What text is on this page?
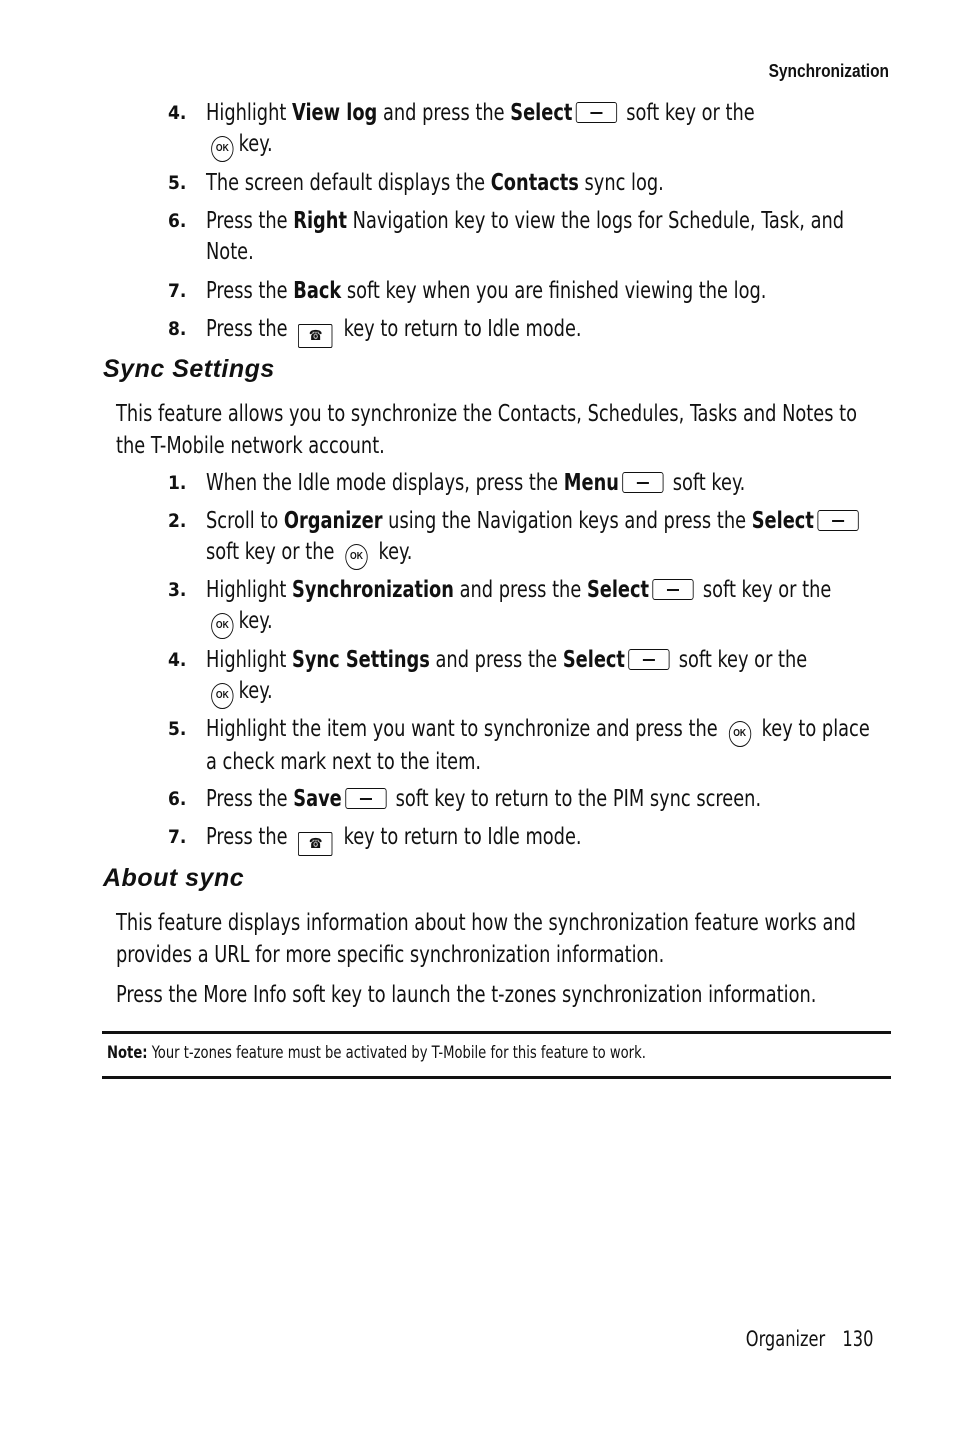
Synchronization
4. Highlight View log and press the Select soft key or the
OK key.
5. The screen default displays the Contacts sync log.
6. Press the Right Navigation key to view the logs for Schedule, Task, and
Note.
7. Press the Back soft key when you are finished viewing the log.
8. Press the ☎ key to return to Idle mode.
Sync Settings
This feature allows you to synchronize the Contacts, Schedules, Tasks and Notes to
the T-Mobile network account.
1. When the Idle mode displays, press the Menu soft key.
2. Scroll to Organizer using the Navigation keys and press the Select
soft key or the OK key.
3. Highlight Synchronization and press the Select soft key or the
OK key.
4. Highlight Sync Settings and press the Select soft key or the
OK key.
5. Highlight the item you want to synchronize and press the OK key to place
a check mark next to the item.
6. Press the Save soft key to return to the PIM sync screen.
7. Press the ☎ key to return to Idle mode.
About sync
This feature displays information about how the synchronization feature works and
provides a URL for more specific synchronization information.
Press the More Info soft key to launch the t-zones synchronization information.
Note: Your t-zones feature must be activated by T-Mobile for this feature to work.
Organizer 130
